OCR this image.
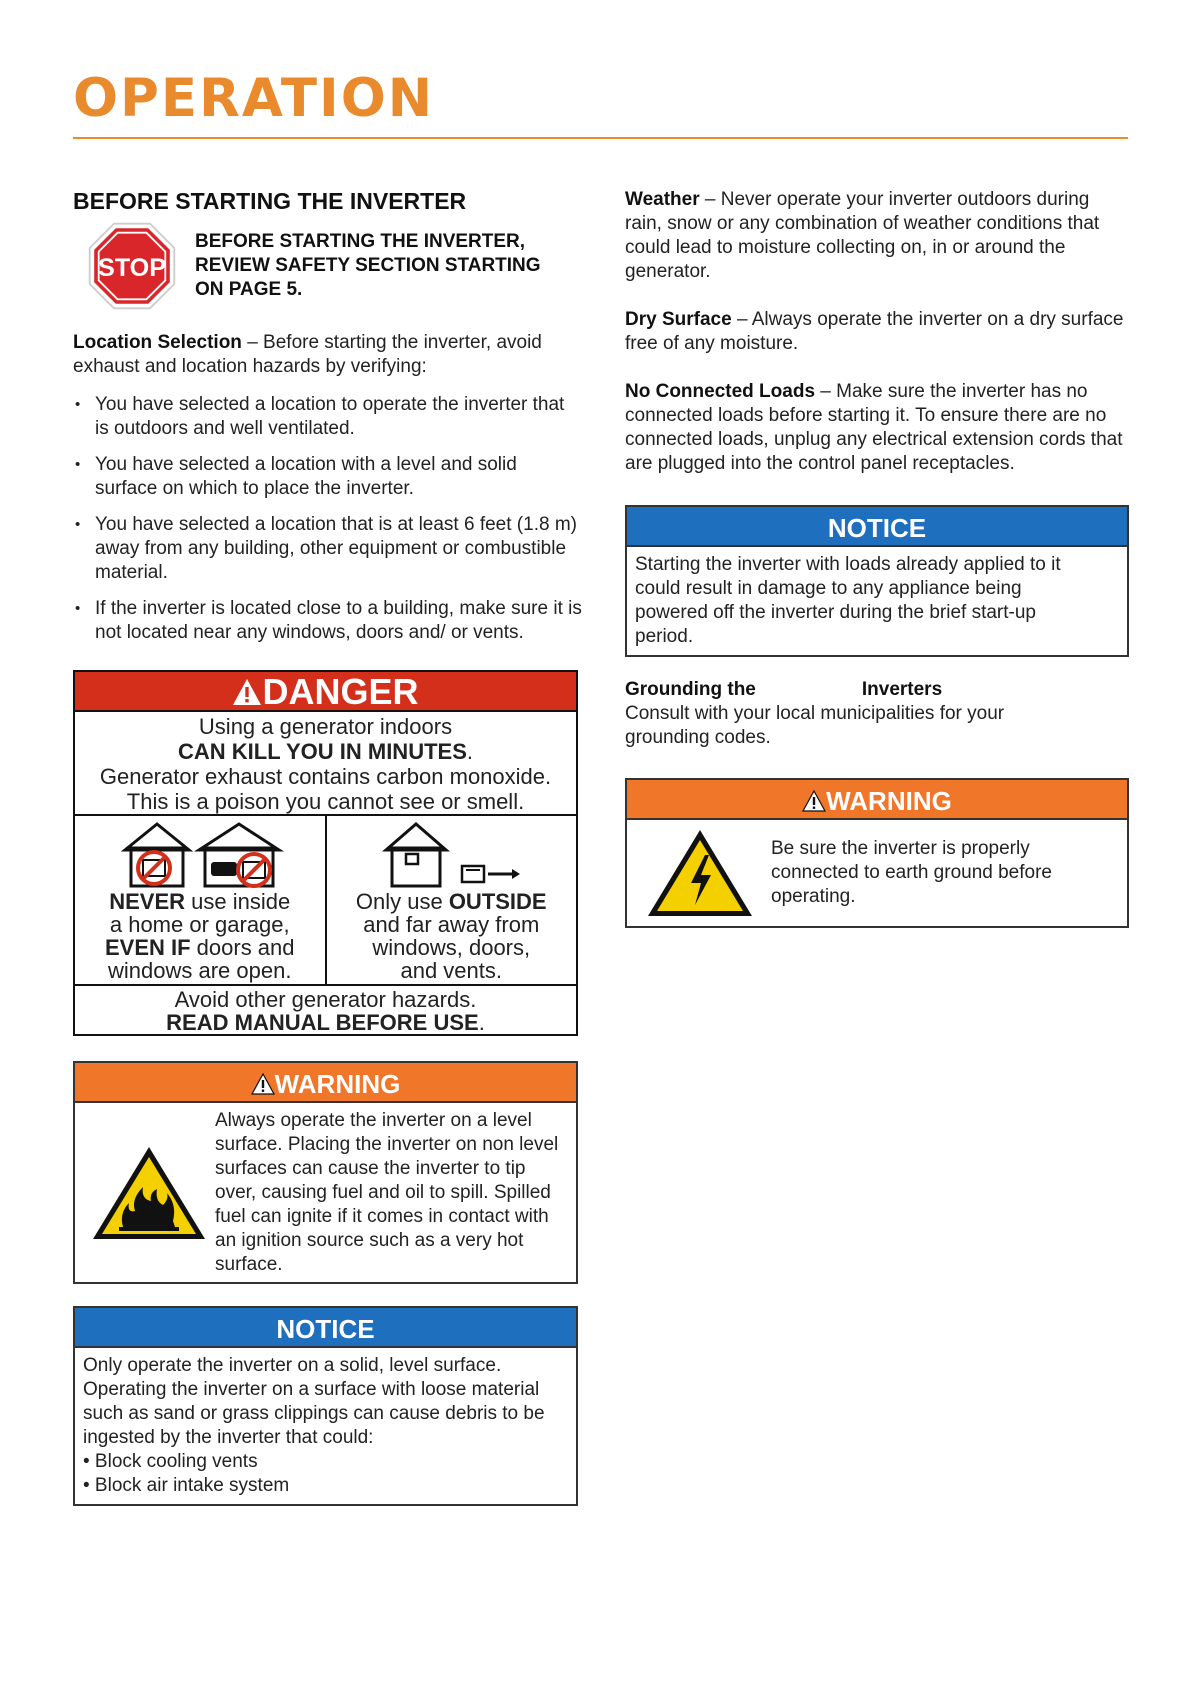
OPERATION
BEFORE STARTING THE INVERTER
STOP
BEFORE STARTING THE INVERTER,
REVIEW SAFETY SECTION STARTING
ON PAGE 5.

Location Selection – Before starting the inverter, avoid exhaust and location hazards by verifying:

• You have selected a location to operate the inverter that is outdoors and well ventilated.
• You have selected a location with a level and solid surface on which to place the inverter.
• You have selected a location that is at least 6 feet (1.8 m) away from any building, other equipment or combustible material.
• If the inverter is located close to a building, make sure it is not located near any windows, doors and/ or vents.
DANGER
Using a generator indoors
CAN KILL YOU IN MINUTES.
Generator exhaust contains carbon monoxide.
This is a poison you cannot see or smell.
NEVER use inside
a home or garage,
EVEN IF doors and
windows are open.
Only use OUTSIDE
and far away from
windows, doors,
and vents.
Avoid other generator hazards.
READ MANUAL BEFORE USE.
WARNING
Always operate the inverter on a level surface. Placing the inverter on non level surfaces can cause the inverter to tip over, causing fuel and oil to spill. Spilled fuel can ignite if it comes in contact with an ignition source such as a very hot surface.
NOTICE
Only operate the inverter on a solid, level surface. Operating the inverter on a surface with loose material such as sand or grass clippings can cause debris to be ingested by the inverter that could:
• Block cooling vents
• Block air intake system

Weather – Never operate your inverter outdoors during rain, snow or any combination of weather conditions that could lead to moisture collecting on, in or around the generator.

Dry Surface – Always operate the inverter on a dry surface free of any moisture.

No Connected Loads – Make sure the inverter has no connected loads before starting it. To ensure there are no connected loads, unplug any electrical extension cords that are plugged into the control panel receptacles.

NOTICE
Starting the inverter with loads already applied to it could result in damage to any appliance being powered off the inverter during the brief start-up period.

Grounding the	Inverters

Consult with your local municipalities for your grounding codes.

WARNING
Be sure the inverter is properly connected to earth ground before operating.
